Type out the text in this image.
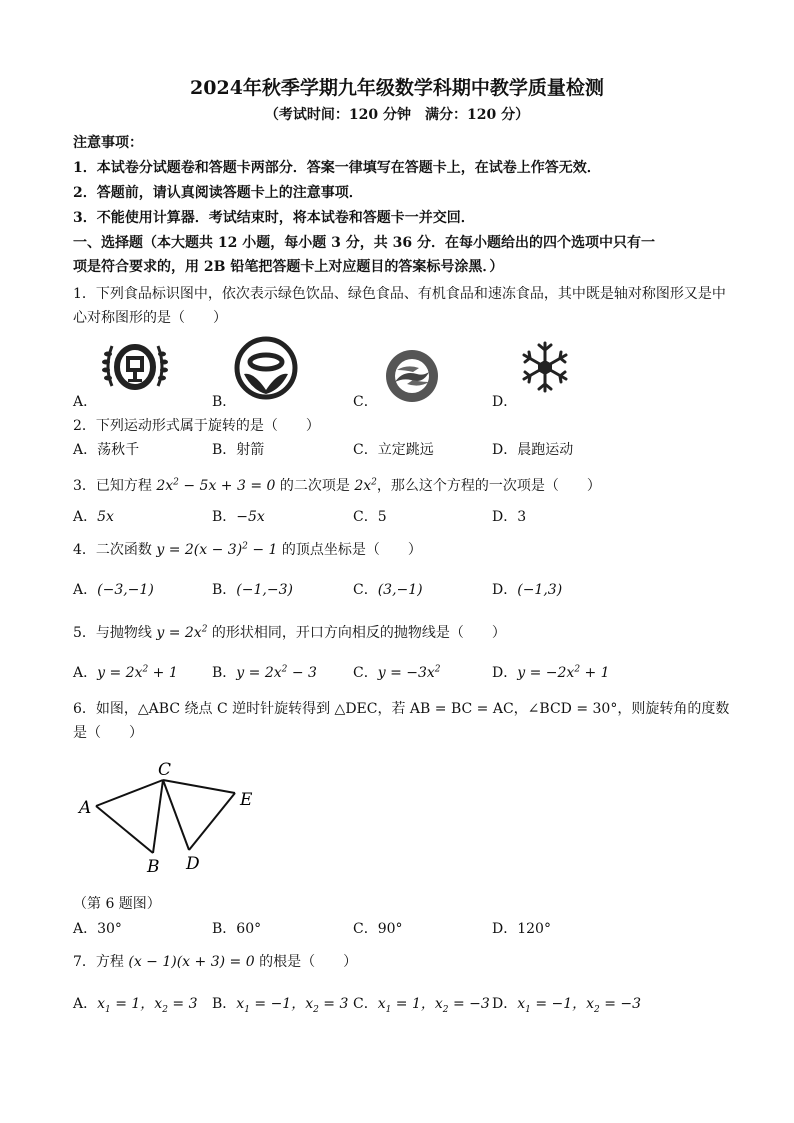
2024年秋季学期九年级数学科期中教学质量检测
（考试时间：120 分钟　满分：120 分）
注意事项：
1．本试卷分试题卷和答题卡两部分．答案一律填写在答题卡上，在试卷上作答无效．
2．答题前，请认真阅读答题卡上的注意事项．
3．不能使用计算器．考试结束时，将本试卷和答题卡一并交回．
一、选择题（本大题共 12 小题，每小题 3 分，共 36 分．在每小题给出的四个选项中只有一
项是符合要求的，用 2B 铅笔把答题卡上对应题目的答案标号涂黑．）
1．下列食品标识图中，依次表示绿色饮品、绿色食品、有机食品和速冻食品，其中既是轴对称图形又是中
心对称图形的是（　　）
A．	B．	C．	D．
2．下列运动形式属于旋转的是（　　）
A．荡秋千	B．射箭	C．立定跳远	D．晨跑运动
3．已知方程 $2x^2 - 5x + 3 = 0$ 的二次项是 $2x^2$，那么这个方程的一次项是（　　）
A．5x	B．−5x	C．5	D．3
4．二次函数 $y = 2(x - 3)^2 - 1$ 的顶点坐标是（　　）
A．(−3,−1)	B．(−1,−3)	C．(3,−1)	D．(−1,3)
5．与抛物线 $y = 2x^2$ 的形状相同，开口方向相反的抛物线是（　　）
A．$y = 2x^2 + 1$ B．$y = 2x^2 - 3$	C．$y = -3x^2$	D．$y = -2x^2 + 1$
6．如图，△ABC 绕点 C 逆时针旋转得到 △DEC，若 AB = BC = AC，∠BCD = 30°，则旋转角的度数
是（　　）
A
C
E
B D
（第 6 题图）
A．30°	B．60°	C．90°	D．120°
7．方程 (x − 1)(x + 3) = 0 的根是（　　）
A．$x_1 = 1$，$x_2 = 3$ B．$x_1 = -1$，$x_2 = 3$ C．$x_1 = 1$，$x_2 = -3$ D．$x_1 = -1$，$x_2 = -3$
